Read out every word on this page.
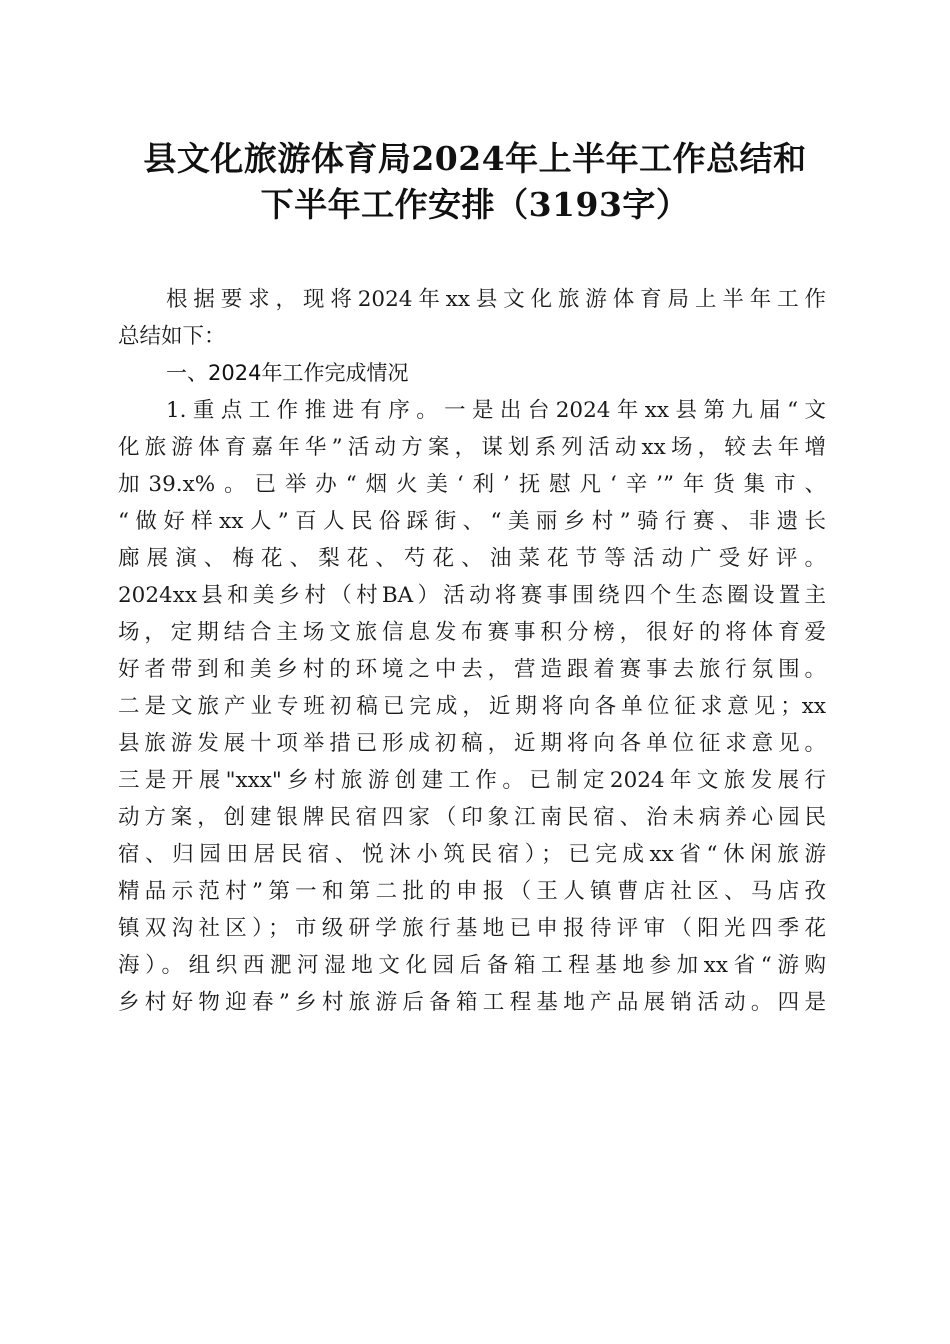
县文化旅游体育局2024年上半年工作总结和
下半年工作安排（3193字）
根据要求，现将2024年xx县文化旅游体育局上半年工作
总结如下：
一、2024年工作完成情况
1.重点工作推进有序。一是出台2024年xx县第九届“文
化旅游体育嘉年华”活动方案，谋划系列活动xx场，较去年增
加39.x%。已举办“烟火美‘利’抚慰凡‘辛’”年货集市、
“做好样xx人”百人民俗踩街、“美丽乡村”骑行赛、非遗长
廊展演、梅花、梨花、芍花、油菜花节等活动广受好评。
2024xx县和美乡村（村BA）活动将赛事围绕四个生态圈设置主
场，定期结合主场文旅信息发布赛事积分榜，很好的将体育爱
好者带到和美乡村的环境之中去，营造跟着赛事去旅行氛围。
二是文旅产业专班初稿已完成，近期将向各单位征求意见；xx
县旅游发展十项举措已形成初稿，近期将向各单位征求意见。
三是开展"xxx"乡村旅游创建工作。已制定2024年文旅发展行
动方案，创建银牌民宿四家（印象江南民宿、治未病养心园民
宿、归园田居民宿、悦沐小筑民宿）；已完成xx省“休闲旅游
精品示范村”第一和第二批的申报（王人镇曹店社区、马店孜
镇双沟社区）；市级研学旅行基地已申报待评审（阳光四季花
海）。组织西淝河湿地文化园后备箱工程基地参加xx省“游购
乡村好物迎春”乡村旅游后备箱工程基地产品展销活动。四是
